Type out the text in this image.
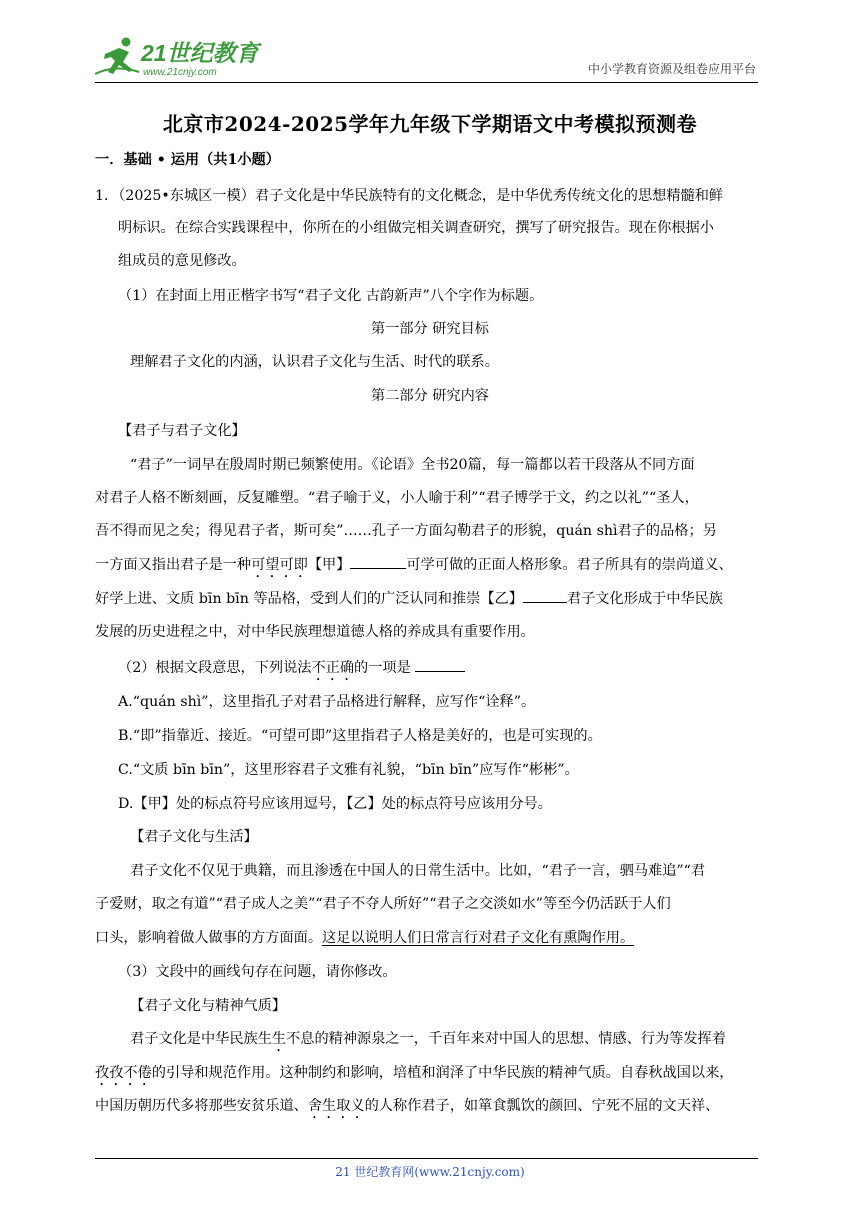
21世纪教育
www.21cnjy.com	中小学教育资源及组卷应用平台
北京市2024-2025学年九年级下学期语文中考模拟预测卷
一．基础 • 运用（共1小题）
1．（2025•东城区一模）君子文化是中华民族特有的文化概念，是中华优秀传统文化的思想精髓和鲜
明标识。在综合实践课程中，你所在的小组做完相关调查研究，撰写了研究报告。现在你根据小
组成员的意见修改。
（1）在封面上用正楷字书写“君子文化 古韵新声”八个字作为标题。
第一部分 研究目标
理解君子文化的内涵，认识君子文化与生活、时代的联系。
第二部分 研究内容
【君子与君子文化】
“君子”一词早在殷周时期已频繁使用。《论语》全书20篇，每一篇都以若干段落从不同方面
对君子人格不断刻画，反复雕塑。“君子喻于义，小人喻于利”“君子博学于文，约之以礼”“圣人，
吾不得而见之矣；得见君子者，斯可矣”……孔子一方面勾勒君子的形貌，quán shì君子的品格；另
一方面又指出君子是一种可望可即【甲】	可学可做的正面人格形象。君子所具有的崇尚道义、
好学上进、文质 bīn bīn 等品格，受到人们的广泛认同和推崇【乙】	君子文化形成于中华民族
发展的历史进程之中，对中华民族理想道德人格的养成具有重要作用。
（2）根据文段意思，下列说法不正确的一项是
A.“quán shì”，这里指孔子对君子品格进行解释，应写作“诠释”。
B.“即”指靠近、接近。“可望可即”这里指君子人格是美好的，也是可实现的。
C.“文质 bīn bīn”，这里形容君子文雅有礼貌，“bīn bīn”应写作“彬彬”。
D.【甲】处的标点符号应该用逗号，【乙】处的标点符号应该用分号。
【君子文化与生活】
君子文化不仅见于典籍，而且渗透在中国人的日常生活中。比如，“君子一言，驷马难追”“君
子爱财，取之有道”“君子成人之美”“君子不夺人所好”“君子之交淡如水”等至今仍活跃于人们
口头，影响着做人做事的方方面面。这足以说明人们日常言行对君子文化有熏陶作用。
（3）文段中的画线句存在问题，请你修改。
【君子文化与精神气质】
君子文化是中华民族生生不息的精神源泉之一，千百年来对中国人的思想、情感、行为等发挥着
孜孜不倦的引导和规范作用。这种制约和影响，培植和润泽了中华民族的精神气质。自春秋战国以来，
中国历朝历代多将那些安贫乐道、舍生取义的人称作君子，如箪食瓢饮的颜回、宁死不屈的文天祥、
21 世纪教育网(www.21cnjy.com)
